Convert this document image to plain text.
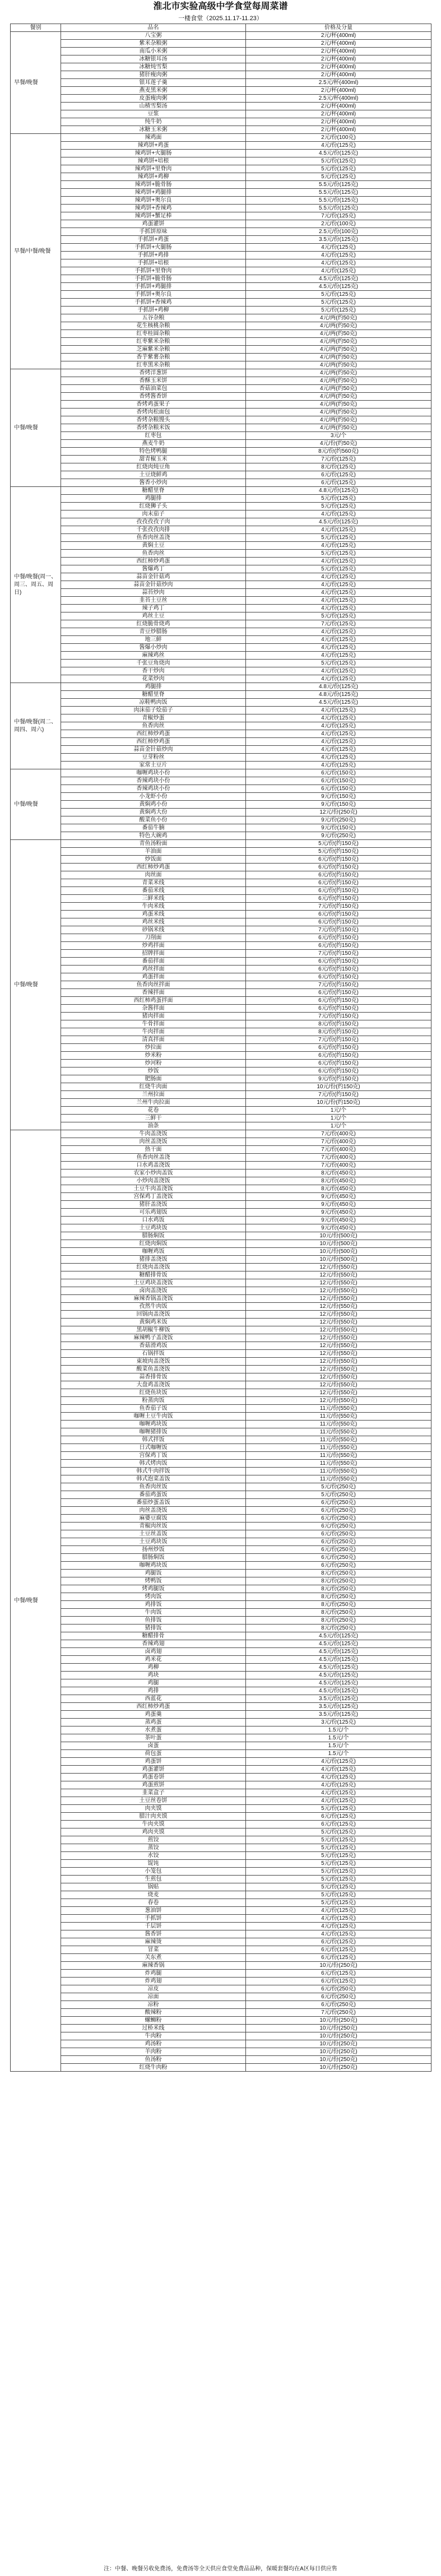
淮北市实验高级中学食堂每周菜谱
一楼食堂（2025.11.17-11.23）
餐别	品名	价格及分量
早餐/晚餐	八宝粥	2元/杯(400ml)
	紫米杂粮粥	2元/杯(400ml)
	南瓜小米粥	2元/杯(400ml)
	冰糖银耳汤	2元/杯(400ml)
	冰糖炖雪梨	2元/杯(400ml)
	猪肝瘦肉粥	2元/杯(400ml)
	银耳莲子羹	2.5元/杯(400ml)
	燕麦黑米粥	2元/杯(400ml)
	皮蛋瘦肉粥	2.5元/杯(400ml)
	山楂雪梨汤	2元/杯(400ml)
	豆浆	2元/杯(400ml)
	纯牛奶	2元/杯(400ml)
	冰糖玉米粥	2元/杯(400ml)
早餐/中餐/晚餐	辣鸡面	2元/份(100克)
	辣鸡饼+鸡蛋	4元/份(125克)
	辣鸡饼+火腿肠	4.5元/份(125克)
	辣鸡饼+培根	5元/份(125克)
	辣鸡饼+里脊肉	5元/份(125克)
	辣鸡饼+鸡柳	5元/份(125克)
	辣鸡饼+脆骨肠	5.5元/份(125克)
	辣鸡饼+鸡腿排	5.5元/份(125克)
	辣鸡饼+奥尔良	5.5元/份(125克)
	辣鸡饼+香辣鸡	5.5元/份(125克)
	辣鸡饼+蟹足棒	7元/份(125克)
	鸡蛋灌饼	2元/份(100克)
	手抓饼原味	2.5元/份(100克)
	手抓饼+鸡蛋	3.5元/份(125克)
	手抓饼+火腿肠	4元/份(125克)
	手抓饼+鸡排	4元/份(125克)
	手抓饼+培根	4元/份(125克)
	手抓饼+里脊肉	4元/份(125克)
	手抓饼+脆骨肠	4.5元/份(125克)
	手抓饼+鸡腿排	4.5元/份(125克)
	手抓饼+奥尔良	5元/份(125克)
	手抓饼+香辣鸡	5元/份(125克)
	手抓饼+鸡柳	5元/份(125克)
	五谷杂粮	4元/两(约50克)
	花生核桃杂粮	4元/两(约50克)
	红枣桂圆杂粮	4元/两(约50克)
	红枣紫米杂粮	4元/两(约50克)
	芝麻紫米杂粮	4元/两(约50克)
	香芋紫薯杂粮	4元/两(约50克)
	红枣黑米杂粮	4元/两(约50克)
中餐/晚餐	香烤洋葱饼	4元/两(约50克)
	香酥玉米饼	4元/两(约50克)
	香菇油菜包	4元/两(约50克)
	香烤酱香饼	4元/两(约50克)
	香烤鸡蛋果子	4元/两(约50克)
	香烤肉松面包	4元/两(约50克)
	香烤杂粮馒头	4元/两(约50克)
	香烤杂粮米饭	4元/两(约50克)
	红枣包	3元/个
	燕麦牛奶	4元/份(约50克)
	特色烤鸭腿	8元/份(约560克)
	甜青椒玉米	7元/份(125克)
	红烧肉炖豆角	8元/份(125克)
	土豆烧鲜鸡	6元/份(125克)
	酱香小炒肉	6元/份(125克)
中餐/晚餐(周一、周三、周五、周日)	糖醋里脊	4.8元/份(125克)
	鸡腿排	5元/份(125克)
	红烧狮子头	5元/份(125克)
	肉末茄子	4元/份(125克)
	孜孜孜孜子肉	4.5元/份(125克)
	千张孜孜肉排	4元/份(125克)
	鱼香肉丝盖浇	5元/份(125克)
	黄焖土豆	4元/份(125克)
	鱼香肉丝	5元/份(125克)
	西红柿炒鸡蛋	4元/份(125克)
	酱爆鸡丁	5元/份(125克)
	蒜苗金针菇鸡	4元/份(125克)
	蒜苗金针菇炒肉	4元/份(125克)
	蒜苔炒肉	4元/份(125克)
	韭苔土豆丝	4元/份(125克)
	辣子鸡丁	4元/份(125克)
	鸡丝土豆	5元/份(125克)
	红烧脆骨烧鸡	7元/份(125克)
	青豆炒腊肠	4元/份(125克)
	地三鲜	4元/份(125克)
	酱爆小炒肉	4元/份(125克)
	麻辣鸡丝	4元/份(125克)
	千张豆角烧肉	5元/份(125克)
	香干炒肉	4元/份(125克)
	花菜炒肉	4元/份(125克)
中餐/晚餐(周二、周四、周六)	鸡腿排	4.8元/份(125克)
	糖醋里脊	4.8元/份(125克)
	凉鞋鸭肉饭	4.5元/份(125克)
	肉沫茄子烩茄子	4元/份(125克)
	青椒炒蛋	4元/份(125克)
	鱼香肉丝	4元/份(125克)
	西红柿炒鸡蛋	4元/份(125克)
	西红柿炒鸡蛋	4元/份(125克)
	蒜苗金针菇炒肉	4元/份(125克)
	豆芽粉丝	4元/份(125克)
	家常土豆片	4元/份(125克)
中餐/晚餐	咖喱鸡块小份	6元/份(150克)
	香辣鸡块小份	6元/份(150克)
	香辣鸡块小份	6元/份(150克)
	小龙虾小份	9元/份(150克)
	黄焖鸡小份	9元/份(150克)
	黄焖鸡大份	12元/份(250克)
	酸菜鱼小份	9元/份(250克)
	番茄牛腩	9元/份(150克)
	特色大碗鸡	9元/份(250克)
中餐/晚餐	青鱼汤粉面	5元/份(约150克)
	羊油面	5元/份(约150克)
	炒饭面	6元/份(约150克)
	西红柿炒鸡蛋	6元/份(约150克)
	肉丝面	6元/份(约150克)
	青菜米线	6元/份(约150克)
	番茄米线	6元/份(约150克)
	三鲜米线	6元/份(约150克)
	牛肉米线	7元/份(约150克)
	鸡蛋米线	6元/份(约150克)
	鸡丝米线	6元/份(约150克)
	砂锅米线	7元/份(约150克)
	刀削面	6元/份(约150克)
	炒鸡拌面	6元/份(约150克)
	招牌拌面	7元/份(约150克)
	番茄拌面	6元/份(约150克)
	鸡丝拌面	6元/份(约150克)
	鸡蛋拌面	6元/份(约150克)
	鱼香肉丝拌面	7元/份(约150克)
	香辣拌面	6元/份(约150克)
	西红柿鸡蛋拌面	6元/份(约150克)
	杂酱拌面	6元/份(约150克)
	猪肉拌面	7元/份(约150克)
	牛骨拌面	8元/份(约150克)
	牛肉拌面	8元/份(约150克)
	清真拌面	7元/份(约150克)
	炒拉面	6元/份(约150克)
	炒米粉	6元/份(约150克)
	炒河粉	6元/份(约150克)
	炒饭	6元/份(约150克)
	肥肠面	9元/份(约150克)
	红烧牛肉面	10元/份(约150克)
	兰州拉面	7元/份(约150克)
	兰州牛肉拉面	10元/份(约150克)
	花卷	1元/个
	三鲜干	1元/个
	油条	1元/个
中餐/晚餐	牛肉盖浇饭	7元/份(400克)
	肉丝盖浇饭	7元/份(400克)
	热干面	7元/份(400克)
	鱼香肉丝盖浇	7元/份(400克)
	口水鸡盖浇饭	7元/份(400克)
	农家小炒肉盖饭	8元/份(450克)
	小炒肉盖浇饭	8元/份(450克)
	土豆牛肉盖浇饭	8元/份(450克)
	宫保鸡丁盖浇饭	9元/份(450克)
	猪肝盖浇饭	9元/份(450克)
	可乐鸡翅饭	9元/份(450克)
	口水鸡饭	9元/份(450克)
	土豆鸡块饭	9元/份(450克)
	腊肠焖饭	10元/份(500克)
	红烧肉焖饭	10元/份(500克)
	咖喱鸡饭	10元/份(500克)
	猪排盖浇饭	10元/份(500克)
	红烧肉盖浇饭	12元/份(550克)
	糖醋排骨饭	12元/份(550克)
	土豆鸡块盖浇饭	12元/份(550克)
	卤肉盖浇饭	12元/份(550克)
	麻辣香锅盖浇饭	12元/份(550克)
	孜然牛肉饭	12元/份(550克)
	回锅肉盖浇饭	12元/份(550克)
	黄焖鸡米饭	12元/份(550克)
	黑胡椒牛柳饭	12元/份(550克)
	麻辣鸭子盖浇饭	12元/份(550克)
	香菇滑鸡饭	12元/份(550克)
	石锅拌饭	12元/份(550克)
	東坡肉盖浇饭	12元/份(550克)
	酸菜鱼盖浇饭	12元/份(550克)
	蒜香排骨饭	12元/份(550克)
	大盘鸡盖浇饭	12元/份(550克)
	红烧鱼块饭	12元/份(550克)
	粉蒸肉饭	12元/份(550克)
	鱼香茄子饭	11元/份(550克)
	咖喱土豆牛肉饭	11元/份(550克)
	咖喱鸡块饭	11元/份(550克)
	咖喱猪排饭	11元/份(550克)
	韩式拌饭	11元/份(550克)
	日式咖喱饭	11元/份(550克)
	宫保鸡丁饭	11元/份(550克)
	韩式烤肉饭	11元/份(550克)
	韩式牛肉拌饭	11元/份(550克)
	韩式泡菜盖饭	11元/份(550克)
	鱼香肉丝饭	5元/份(250克)
	番茄鸡蛋饭	5元/份(250克)
	番茄炒蛋盖饭	6元/份(250克)
	肉丝盖浇饭	6元/份(250克)
	麻婆豆腐饭	6元/份(250克)
	青椒肉丝饭	6元/份(250克)
	土豆丝盖饭	6元/份(250克)
	土豆鸡块饭	6元/份(250克)
	扬州炒饭	6元/份(250克)
	腊肠焖饭	6元/份(250克)
	咖喱鸡块饭	6元/份(250克)
	鸡腿饭	8元/份(250克)
	烤鸭饭	8元/份(250克)
	烤鸡腿饭	8元/份(250克)
	烤肉饭	8元/份(250克)
	鸡排饭	8元/份(250克)
	牛肉饭	8元/份(250克)
	鱼排饭	8元/份(250克)
	猪排饭	8元/份(250克)
	糖醋排骨	4.5元/份(125克)
	香辣鸡翅	4.5元/份(125克)
	卤鸡翅	4.5元/份(125克)
	鸡米花	4.5元/份(125克)
	鸡柳	4.5元/份(125克)
	鸡块	4.5元/份(125克)
	鸡腿	4.5元/份(125克)
	鸡排	4.5元/份(125克)
	西蓝花	3.5元/份(125克)
	西红柿炒鸡蛋	3.5元/份(125克)
	鸡蛋羹	3.5元/份(125克)
	蒸鸡蛋	3元/份(125克)
	水煮蛋	1.5元/个
	茶叶蛋	1.5元/个
	卤蛋	1.5元/个
	荷包蛋	1.5元/个
	鸡蛋饼	4元/份(125克)
	鸡蛋灌饼	4元/份(125克)
	鸡蛋卷饼	4元/份(125克)
	鸡蛋煎饼	4元/份(125克)
	韭菜盒子	4元/份(125克)
	土豆丝卷饼	4元/份(125克)
	肉夹馍	5元/份(125克)
	腊汁肉夹馍	6元/份(125克)
	牛肉夹馍	6元/份(125克)
	鸡肉夹馍	5元/份(125克)
	煎饺	5元/份(125克)
	蒸饺	5元/份(125克)
	水饺	5元/份(125克)
	馄饨	5元/份(125克)
	小笼包	5元/份(125克)
	生煎包	5元/份(125克)
	锅贴	5元/份(125克)
	烧麦	5元/份(125克)
	春卷	5元/份(125克)
	葱油饼	4元/份(125克)
	手抓饼	4元/份(125克)
	千层饼	4元/份(125克)
	酱香饼	4元/份(125克)
	麻辣烫	6元/份(125克)
	冒菜	6元/份(125克)
	关东煮	6元/份(125克)
	麻辣香锅	10元/份(250克)
	炸鸡腿	6元/份(125克)
	炸鸡翅	6元/份(125克)
	凉皮	6元/份(250克)
	凉面	6元/份(250克)
	凉粉	6元/份(250克)
	酸辣粉	7元/份(250克)
	螺蛳粉	10元/份(250克)
	过桥米线	10元/份(250克)
	牛肉粉	10元/份(250克)
	鸡汤粉	10元/份(250克)
	羊肉粉	10元/份(250克)
	鱼汤粉	10元/份(250克)
	红烧牛肉粉	10元/份(250克)
注：中餐、晚餐另收免费汤，免费汤等全天供应食堂免费品品种，保暖套餐均在A区每日供应售
